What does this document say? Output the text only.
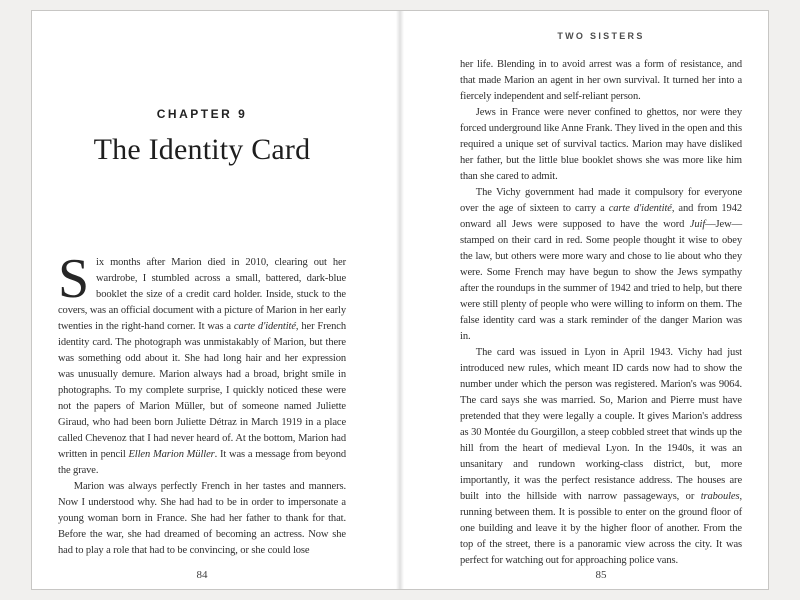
CHAPTER 9
The Identity Card

Six months after Marion died in 2010, clearing out her wardrobe, I stumbled across a small, battered, dark-blue booklet the size of a credit card holder. Inside, stuck to the covers, was an official document with a picture of Marion in her early twenties in the right-hand corner. It was a carte d'identité, her French identity card. The photograph was unmistakably of Marion, but there was something odd about it. She had long hair and her expression was unusually demure. Marion always had a broad, bright smile in photographs. To my complete surprise, I quickly noticed these were not the papers of Marion Müller, but of someone named Juliette Giraud, who had been born Juliette Détraz in March 1919 in a place called Chevenoz that I had never heard of. At the bottom, Marion had written in pencil Ellen Marion Müller. It was a message from beyond the grave.

Marion was always perfectly French in her tastes and manners. Now I understood why. She had had to be in order to impersonate a young woman born in France. She had her father to thank for that. Before the war, she had dreamed of becoming an actress. Now she had to play a role that had to be convincing, or she could lose

84
TWO SISTERS

her life. Blending in to avoid arrest was a form of resistance, and that made Marion an agent in her own survival. It turned her into a fiercely independent and self-reliant person.

Jews in France were never confined to ghettos, nor were they forced underground like Anne Frank. They lived in the open and this required a unique set of survival tactics. Marion may have disliked her father, but the little blue booklet shows she was more like him than she cared to admit.

The Vichy government had made it compulsory for everyone over the age of sixteen to carry a carte d'identité, and from 1942 onward all Jews were supposed to have the word Juif—Jew—stamped on their card in red. Some people thought it wise to obey the law, but others were more wary and chose to lie about who they were. Some French may have begun to show the Jews sympathy after the roundups in the summer of 1942 and tried to help, but there were still plenty of people who were willing to inform on them. The false identity card was a stark reminder of the danger Marion was in.

The card was issued in Lyon in April 1943. Vichy had just introduced new rules, which meant ID cards now had to show the number under which the person was registered. Marion's was 9064. The card says she was married. So, Marion and Pierre must have pretended that they were legally a couple. It gives Marion's address as 30 Montée du Gourgillon, a steep cobbled street that winds up the hill from the heart of medieval Lyon. In the 1940s, it was an unsanitary and rundown working-class district, but, more importantly, it was the perfect resistance address. The houses are built into the hillside with narrow passageways, or traboules, running between them. It is possible to enter on the ground floor of one building and leave it by the higher floor of another. From the top of the street, there is a panoramic view across the city. It was perfect for watching out for approaching police vans.

85
